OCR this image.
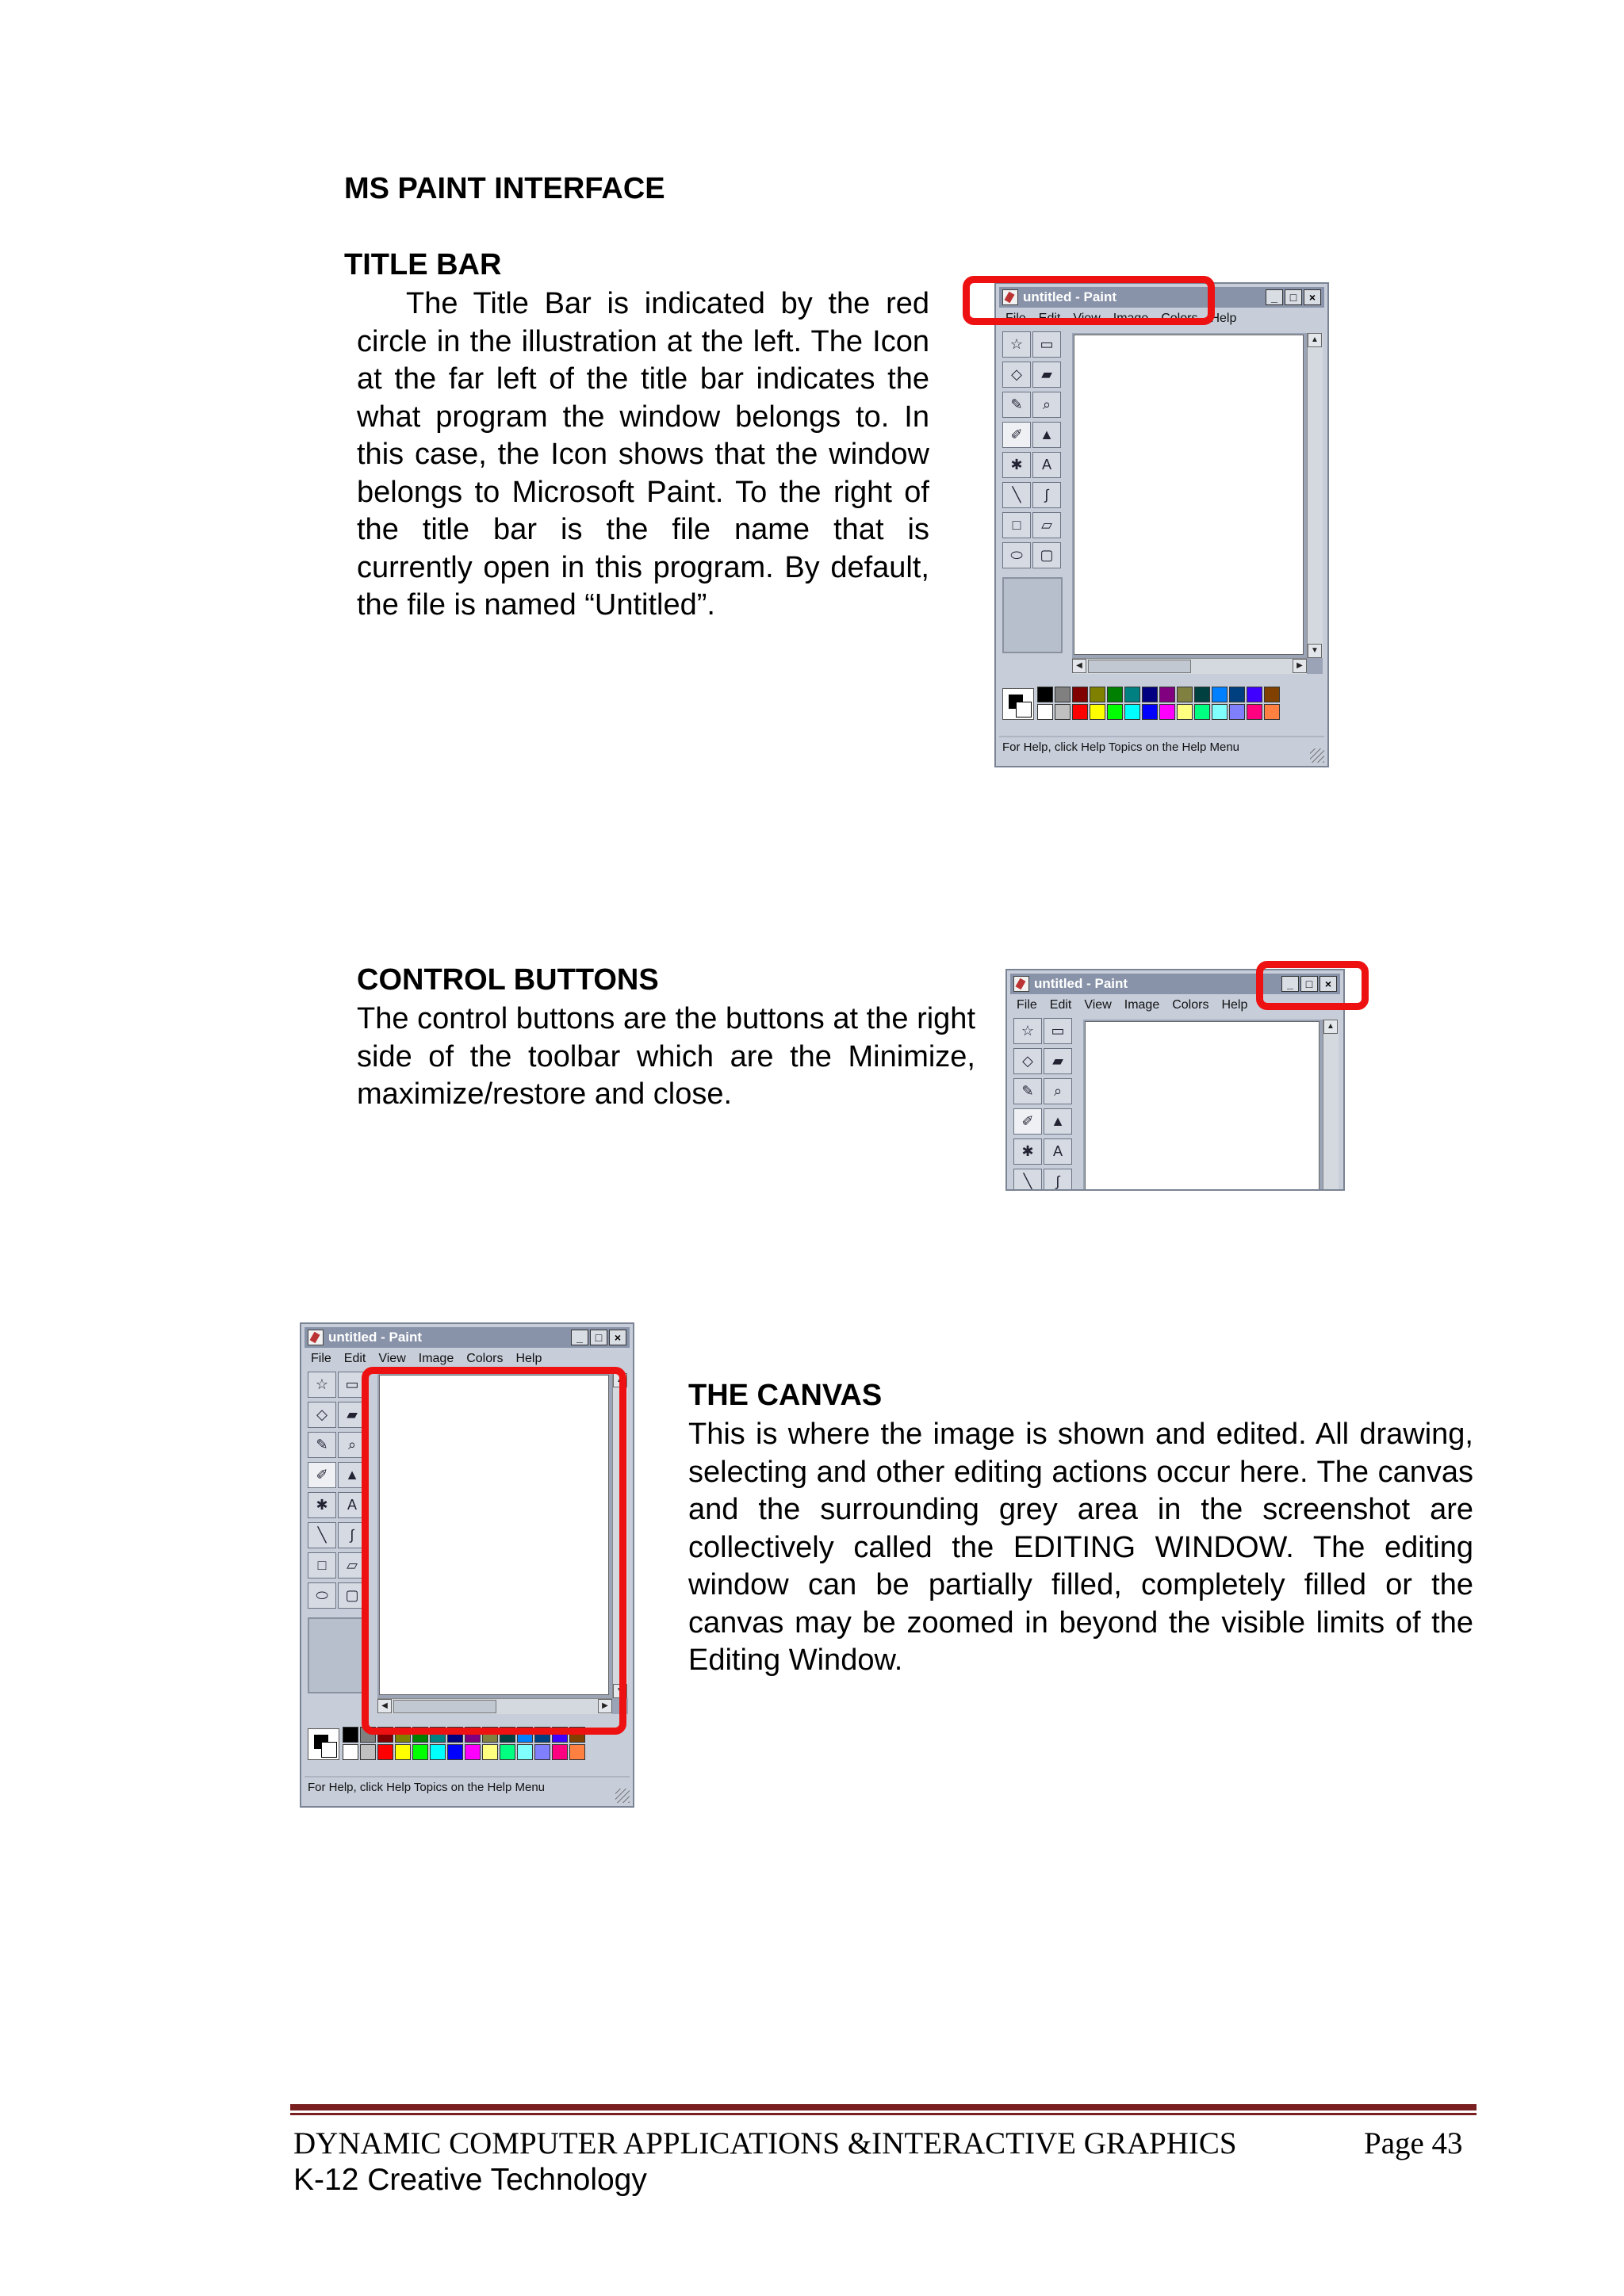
MS PAINT INTERFACE
TITLE BAR

The Title Bar is indicated by the red circle in the illustration at the left. The Icon at the far left of the title bar indicates the what program the window belongs to. In this case, the Icon shows that the window belongs to Microsoft Paint. To the right of the title bar is the file name that is currently open in this program. By default, the file is named “Untitled”.

CONTROL BUTTONS

The control buttons are the buttons at the right side of the toolbar which are the Minimize, maximize/restore and close.

THE CANVAS

This is where the image is shown and edited. All drawing, selecting and other editing actions occur here. The canvas and the surrounding grey area in the screenshot are collectively called the EDITING WINDOW. The editing window can be partially filled, completely filled or the canvas may be zoomed in beyond the visible limits of the Editing Window.

untitled - Paint	_	□	×
File Edit View Image Colors Help
☆	▭
◇	▰
✎	⌕
✐	▲
✱	A
╲	∫
□	▱
⬭	▢
▲
▼
◀	▶
For Help, click Help Topics on the Help Menu
untitled - Paint	_	□	×
File Edit View Image Colors Help
☆	▭
◇	▰
✎	⌕
✐	▲
✱	A
╲	∫
▲
untitled - Paint	_	□	×
File Edit View Image Colors Help
☆	▭
◇	▰
✎	⌕
✐	▲
✱	A
╲	∫
□	▱
⬭	▢
▲
▼
◀	▶
For Help, click Help Topics on the Help Menu
DYNAMIC COMPUTER APPLICATIONS &INTERACTIVE GRAPHICS	Page 43
K-12 Creative Technology
